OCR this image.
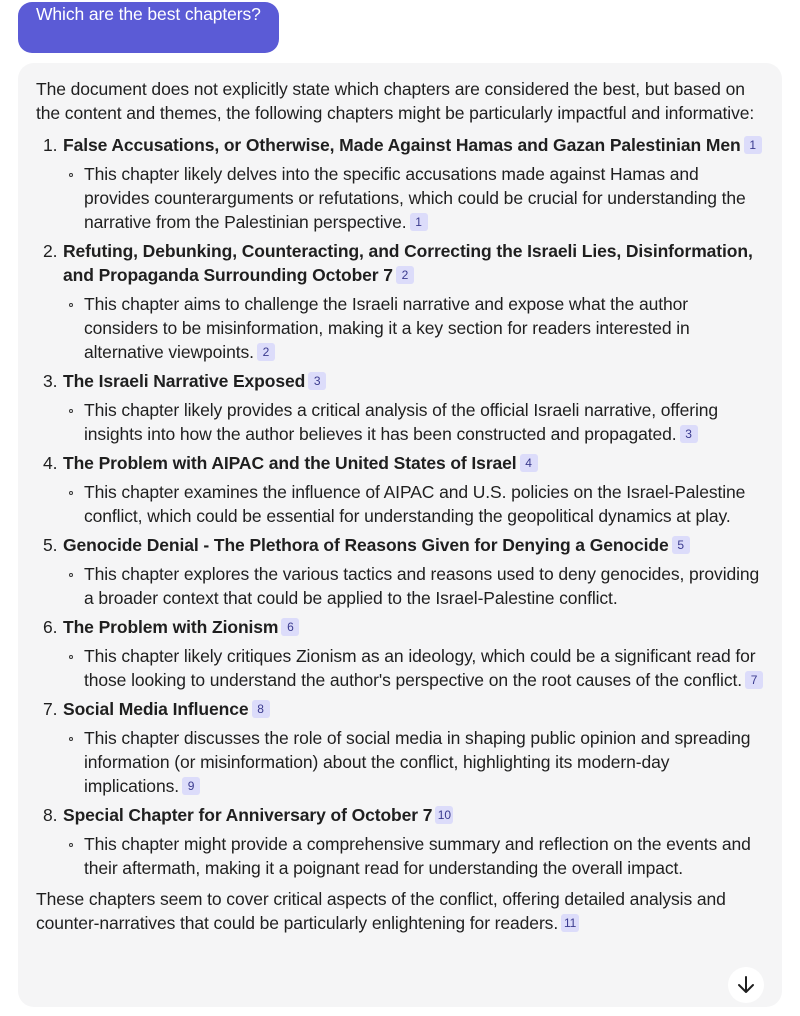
Which are the best chapters?

The document does not explicitly state which chapters are considered the best, but based on the content and themes, the following chapters might be particularly impactful and informative:

1. False Accusations, or Otherwise, Made Against Hamas and Gazan Palestinian Men 1
This chapter likely delves into the specific accusations made against Hamas and provides counterarguments or refutations, which could be crucial for understanding the narrative from the Palestinian perspective. 1
2. Refuting, Debunking, Counteracting, and Correcting the Israeli Lies, Disinformation, and Propaganda Surrounding October 7 2
This chapter aims to challenge the Israeli narrative and expose what the author considers to be misinformation, making it a key section for readers interested in alternative viewpoints. 2
3. The Israeli Narrative Exposed 3
This chapter likely provides a critical analysis of the official Israeli narrative, offering insights into how the author believes it has been constructed and propagated. 3
4. The Problem with AIPAC and the United States of Israel 4
This chapter examines the influence of AIPAC and U.S. policies on the Israel-Palestine conflict, which could be essential for understanding the geopolitical dynamics at play.
5. Genocide Denial - The Plethora of Reasons Given for Denying a Genocide 5
This chapter explores the various tactics and reasons used to deny genocides, providing a broader context that could be applied to the Israel-Palestine conflict.
6. The Problem with Zionism 6
This chapter likely critiques Zionism as an ideology, which could be a significant read for those looking to understand the author's perspective on the root causes of the conflict. 7
7. Social Media Influence 8
This chapter discusses the role of social media in shaping public opinion and spreading information (or misinformation) about the conflict, highlighting its modern-day implications. 9
8. Special Chapter for Anniversary of October 7 10
This chapter might provide a comprehensive summary and reflection on the events and their aftermath, making it a poignant read for understanding the overall impact.

These chapters seem to cover critical aspects of the conflict, offering detailed analysis and counter-narratives that could be particularly enlightening for readers. 11
